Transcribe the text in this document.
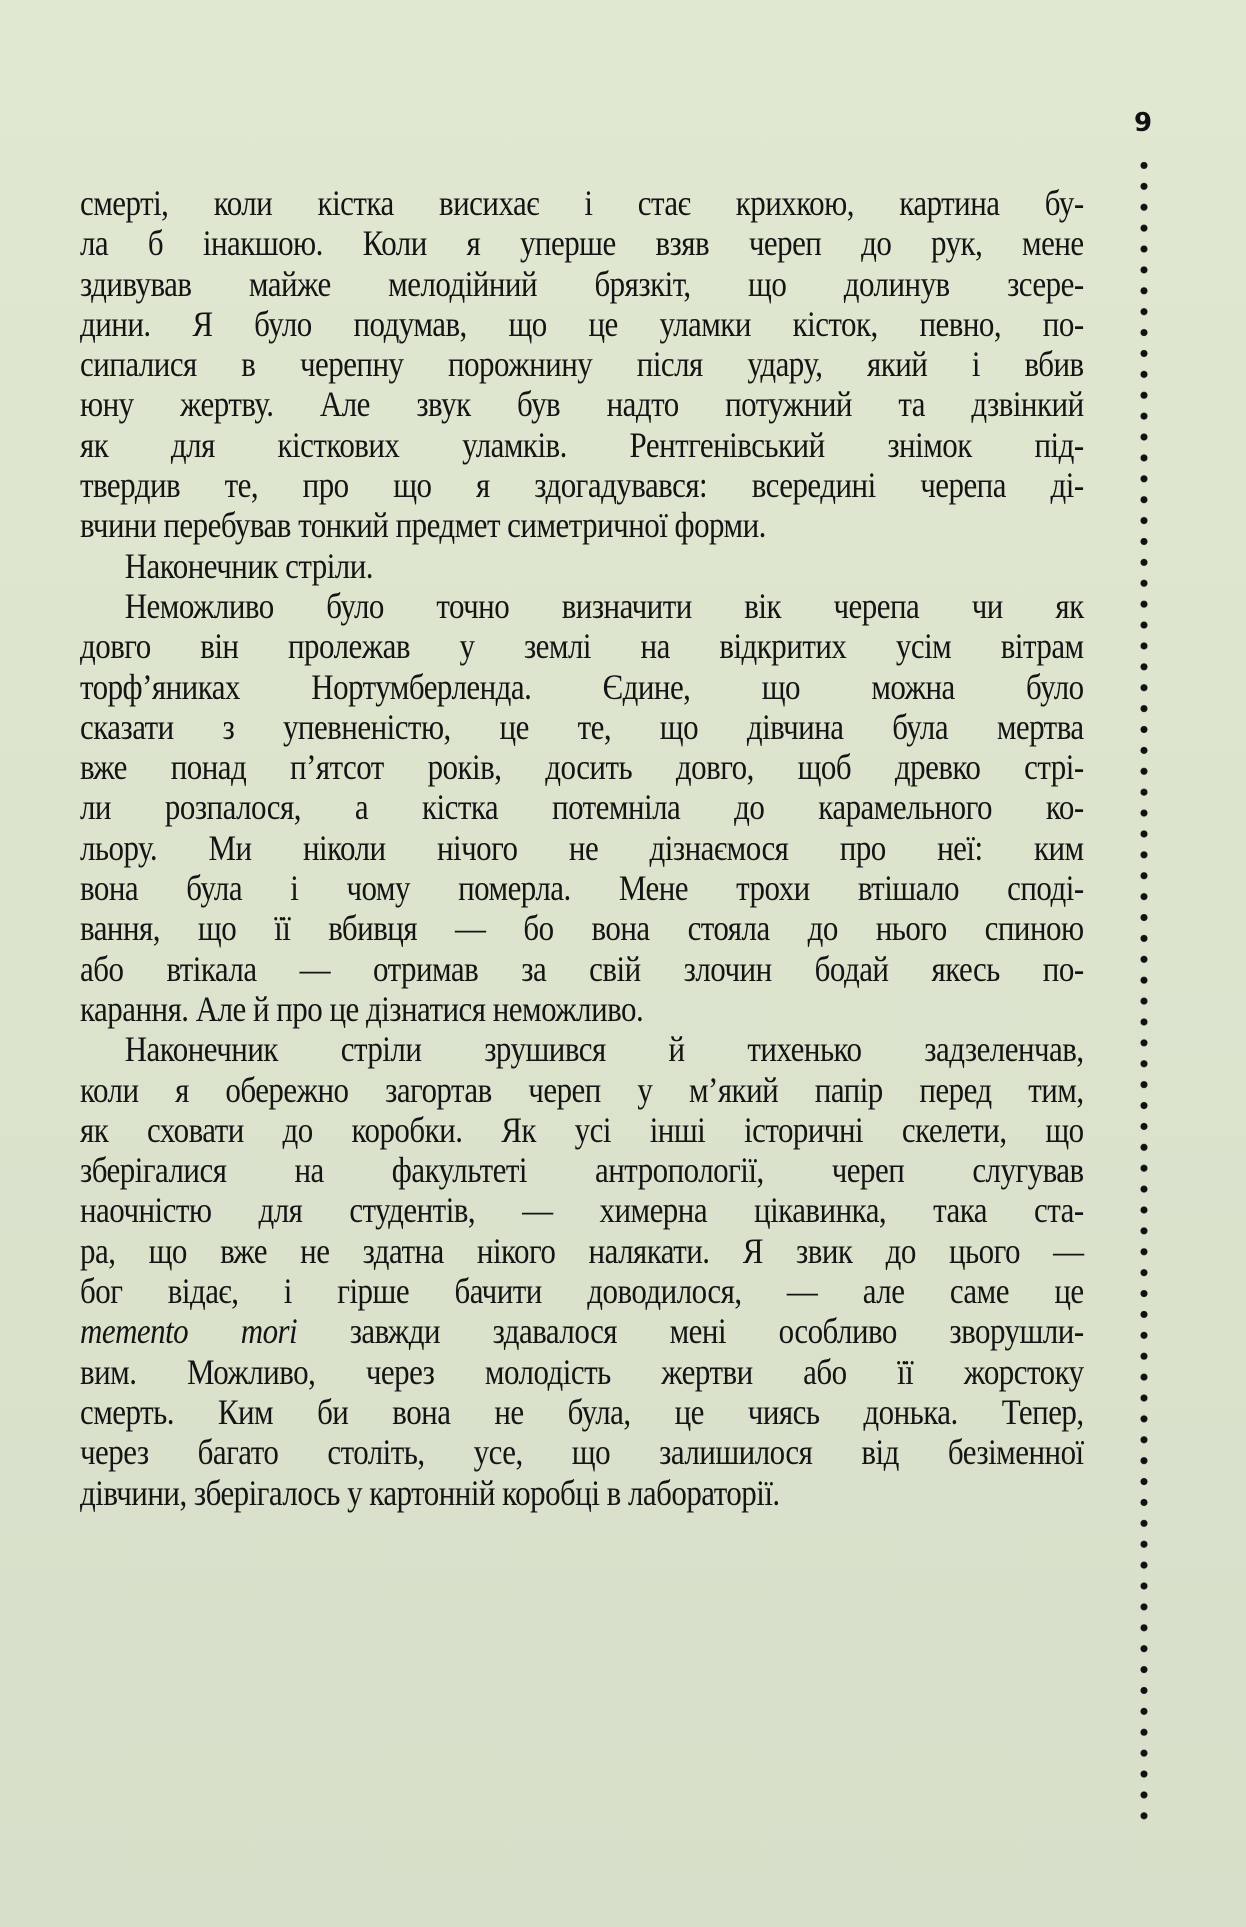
9
смерті, коли кістка висихає і стає крихкою, картина бу-
ла б інакшою. Коли я уперше взяв череп до рук, мене
здивував майже мелодійний брязкіт, що долинув зсере-
дини. Я було подумав, що це уламки кісток, певно, по-
сипалися в черепну порожнину після удару, який і вбив
юну жертву. Але звук був надто потужний та дзвінкий
як для кісткових уламків. Рентгенівський знімок під-
твердив те, про що я здогадувався: всередині черепа ді-
вчини перебував тонкий предмет симетричної форми.
Наконечник стріли.
Неможливо було точно визначити вік черепа чи як
довго він пролежав у землі на відкритих усім вітрам
торф’яниках Нортумберленда. Єдине, що можна було
сказати з упевненістю, це те, що дівчина була мертва
вже понад п’ятсот років, досить довго, щоб древко стрі-
ли розпалося, а кістка потемніла до карамельного ко-
льору. Ми ніколи нічого не дізнаємося про неї: ким
вона була і чому померла. Мене трохи втішало споді-
вання, що її вбивця — бо вона стояла до нього спиною
або втікала — отримав за свій злочин бодай якесь по-
карання. Але й про це дізнатися неможливо.
Наконечник стріли зрушився й тихенько задзеленчав,
коли я обережно загортав череп у м’який папір перед тим,
як сховати до коробки. Як усі інші історичні скелети, що
зберігалися на факультеті антропології, череп слугував
наочністю для студентів, — химерна цікавинка, така ста-
ра, що вже не здатна нікого налякати. Я звик до цього —
бог відає, і гірше бачити доводилося, — але саме це
memento mori завжди здавалося мені особливо зворушли-
вим. Можливо, через молодість жертви або її жорстоку
смерть. Ким би вона не була, це чиясь донька. Тепер,
через багато століть, усе, що залишилося від безіменної
дівчини, зберігалось у картонній коробці в лабораторії.
